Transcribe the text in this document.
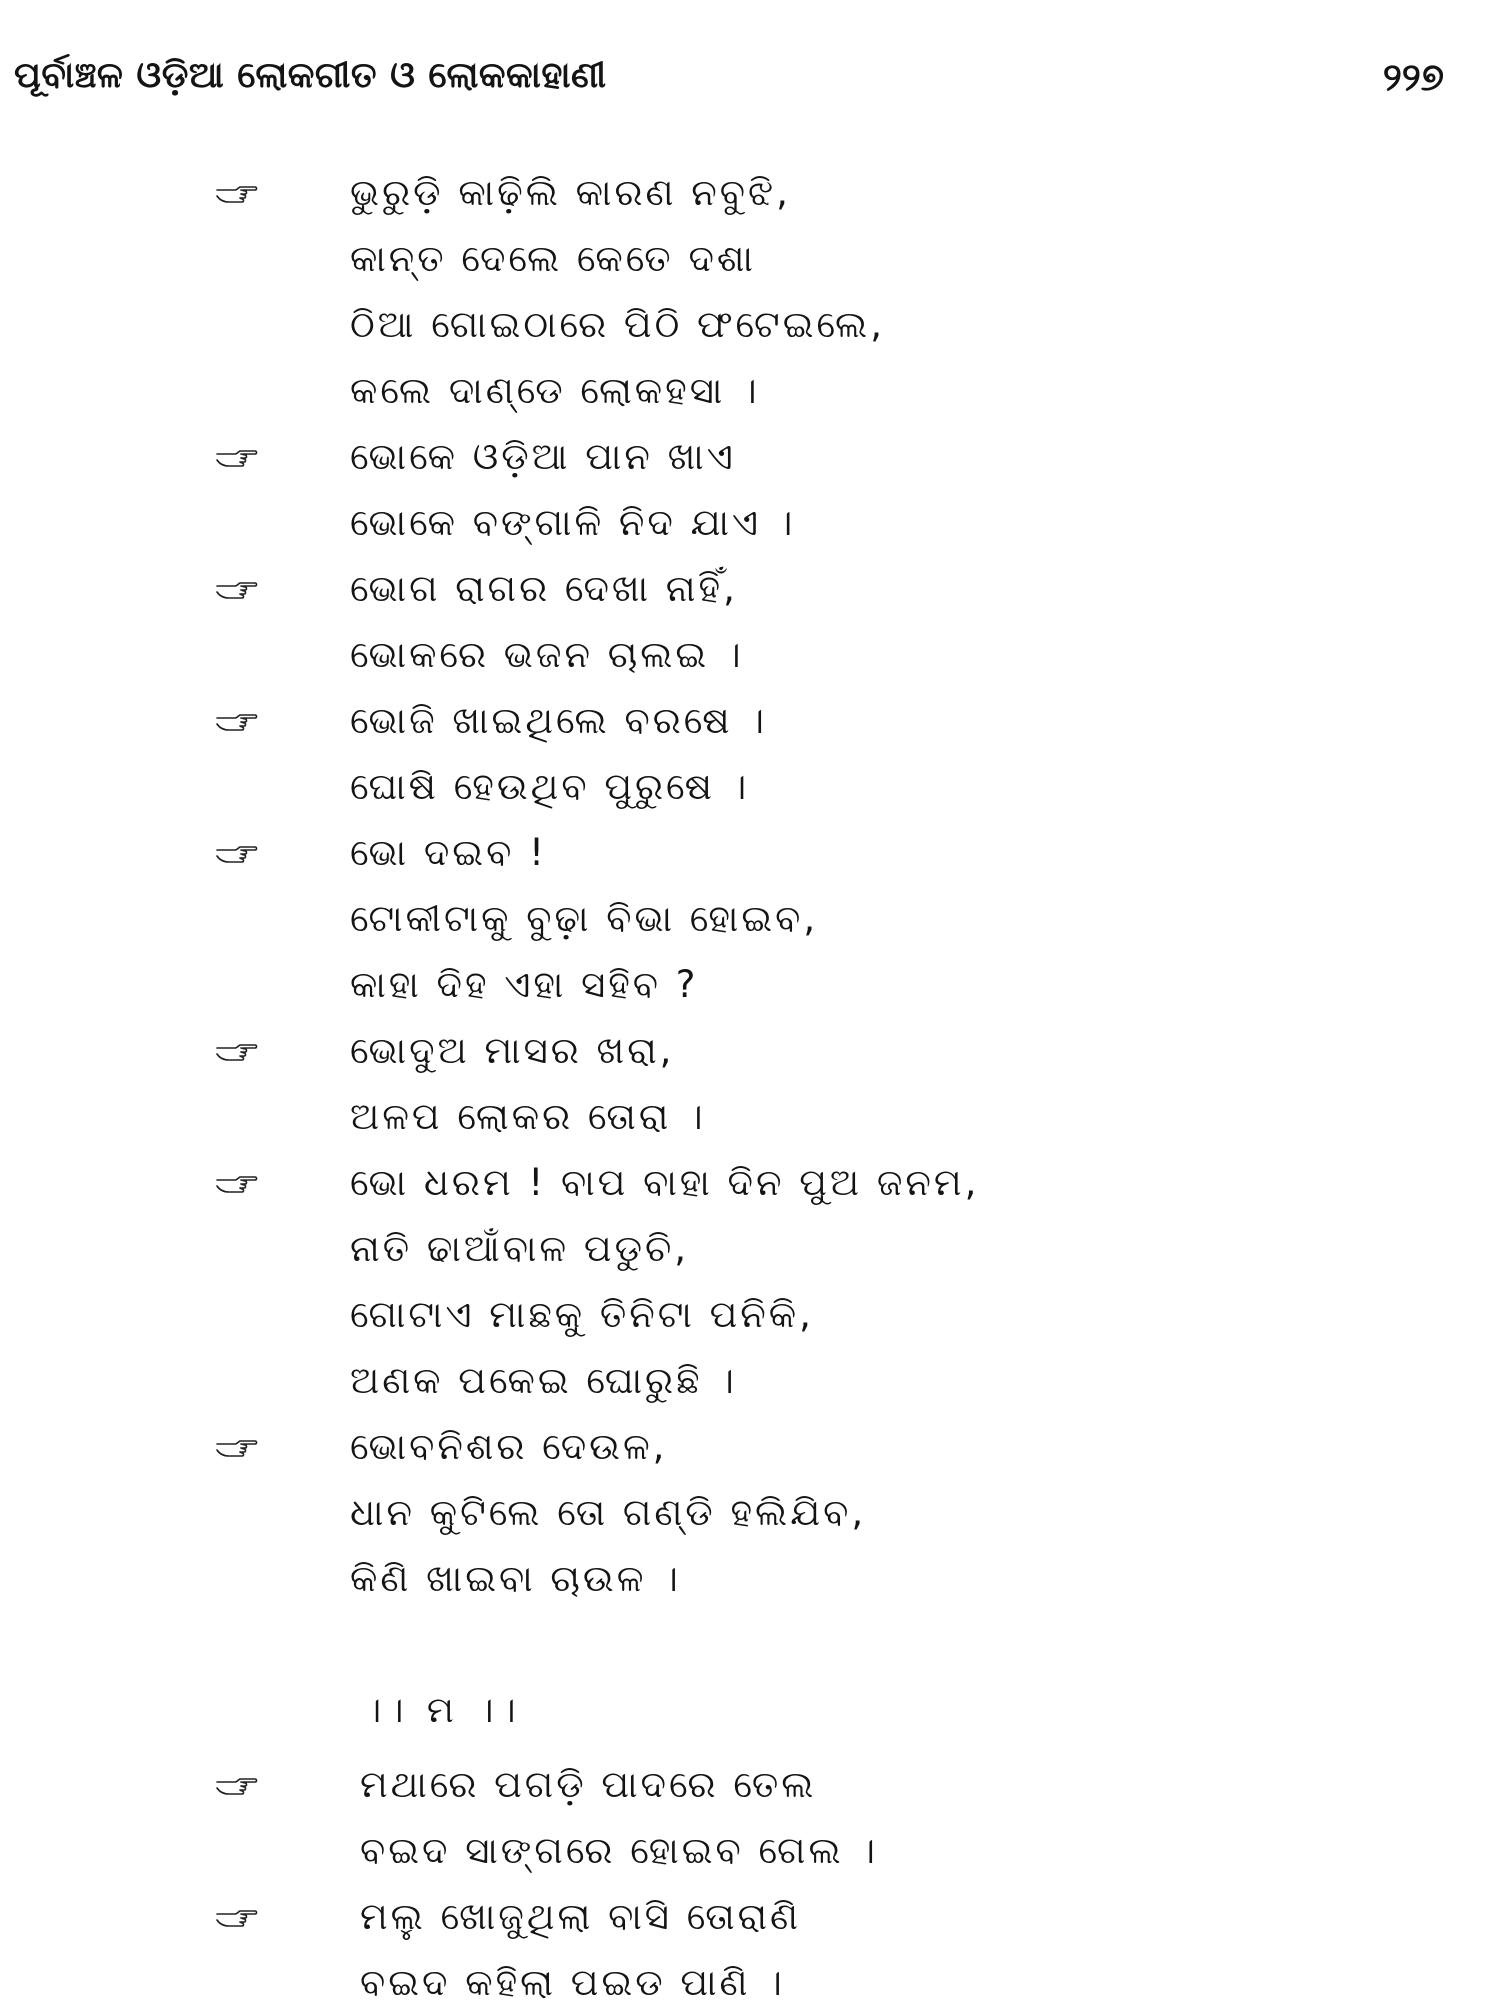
ପୂର୍ବାଞ୍ଚଳ ଓଡ଼ିଆ ଲୋକଗୀତ ଓ ଲୋକକାହାଣୀ	୨୨୭
ଭୁରୁଡ଼ି କାଢ଼ିଲି କାରଣ ନବୁଝି,
କାନ୍ତ ଦେଲେ କେତେ ଦଶା
ଠିଆ ଗୋଇଠାରେ ପିଠି ଫଟେଇଲେ,
କଲେ ଦାଣ୍ଡେ ଲୋକହସା ।
ଭୋକେ ଓଡ଼ିଆ ପାନ ଖାଏ
ଭୋକେ ବଙ୍ଗାଳି ନିଦ ଯାଏ ।
ଭୋଗ ରାଗର ଦେଖା ନାହିଁ,
ଭୋକରେ ଭଜନ ଚାଲଇ ।
ଭୋଜି ଖାଇଥିଲେ ବରଷେ ।
ଘୋଷି ହେଉଥିବ ପୁରୁଷେ ।
ଭୋ ଦଇବ !
ଟୋକୀଟାକୁ ବୁଢ଼ା ବିଭା ହୋଇବ,
କାହା ଦିହ ଏହା ସହିବ ?
ଭୋଦୁଅ ମାସର ଖରା,
ଅଳପ ଲୋକର ତୋରା ।
ଭୋ ଧରମ ! ବାପ ବାହା ଦିନ ପୁଅ ଜନମ,
ନାତି ଢାଆଁବାଳ ପଡୁଚି,
ଗୋଟାଏ ମାଛକୁ ତିନିଟା ପନିକି,
ଅଣକ ପକେଇ ଘୋରୁଛି ।
ଭୋବନିଶର ଦେଉଳ,
ଧାନ କୁଟିଲେ ତୋ ଗଣ୍ଡି ହଲିଯିବ,
କିଣି ଖାଇବା ଚାଉଳ ।
।। ମ ।।
ମଥାରେ ପଗଡ଼ି ପାଦରେ ତେଲ
ବଇଦ ସାଙ୍ଗରେ ହୋଇବ ଗେଲ ।
ମଲୁ ଖୋଜୁଥିଲା ବାସି ତୋରାଣି
ବଇଦ କହିଲା ପଇଡ ପାଣି ।
